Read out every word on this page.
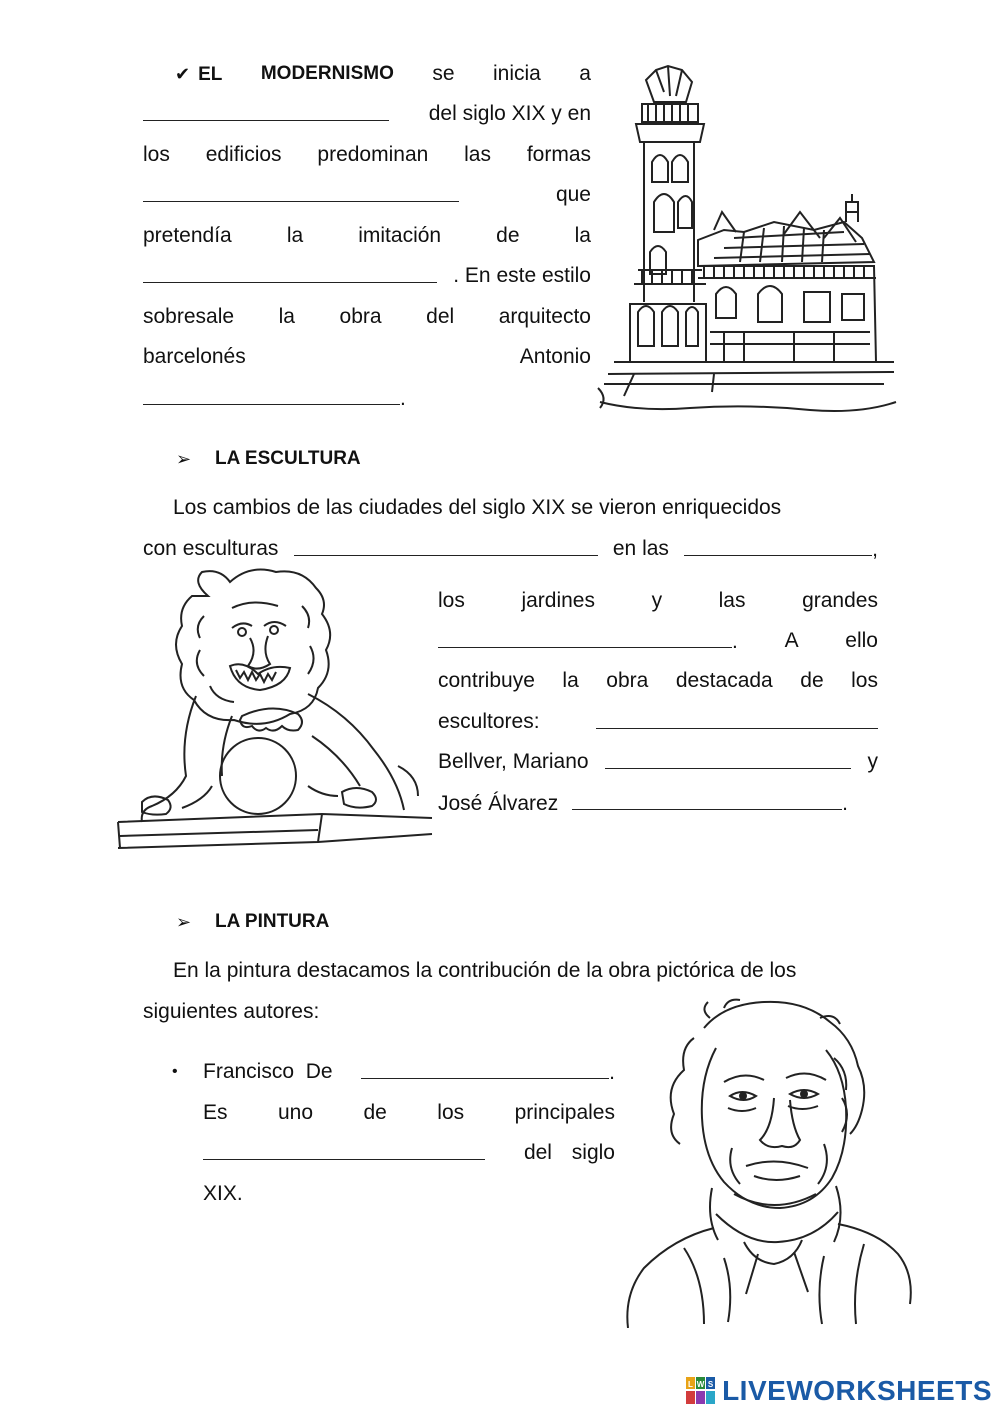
✔ EL MODERNISMO se inicia a
del siglo XIX y en
los edificios predominan las formas
que
pretendía	la	imitación	de	la
. En este estilo
sobresale la obra del arquitecto
barcelonés	Antonio
.
➢ LA ESCULTURA
Los cambios de las ciudades del siglo XIX se vieron enriquecidos
con esculturas	en las	,
los	jardines	y	las	grandes
. A ello
contribuye la obra destacada de los
escultores:
Bellver, Mariano	y
José Álvarez	.
➢ LA PINTURA
En la pintura destacamos la contribución de la obra pictórica de los
siguientes autores:
• Francisco  De	.
Es uno de los principales
del siglo
XIX.
L W S LIVEWORKSHEETS
